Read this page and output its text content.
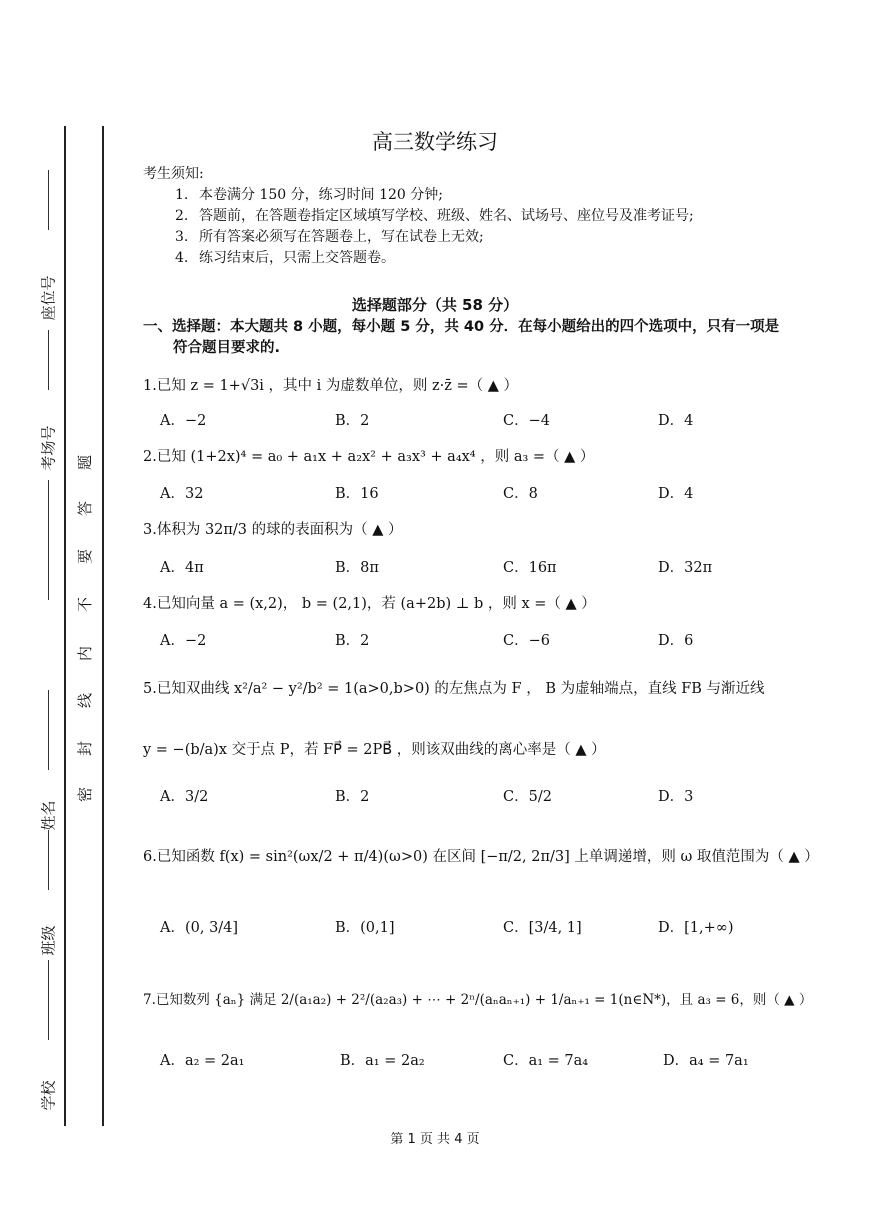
座位号
考场号
姓名
班级
学校
题
答
要
不
内
线
封
密
高三数学练习
考生须知:
1. 本卷满分 150 分，练习时间 120 分钟;
2. 答题前，在答题卷指定区域填写学校、班级、姓名、试场号、座位号及准考证号;
3. 所有答案必须写在答题卷上，写在试卷上无效;
4. 练习结束后，只需上交答题卷。
选择题部分（共 58 分）
一、选择题：本大题共 8 小题，每小题 5 分，共 40 分．在每小题给出的四个选项中，只有一项是
符合题目要求的.
1.已知 z = 1+√3i ，其中 i 为虚数单位，则 z·z̄ =（ ▲ ）
A．−2	B．2	C．−4	D．4
2.已知 (1+2x)⁴ = a₀ + a₁x + a₂x² + a₃x³ + a₄x⁴ ，则 a₃ =（ ▲ ）
A．32	B．16	C．8	D．4
3.体积为 32π/3 的球的表面积为（ ▲ ）
A．4π	B．8π	C．16π	D．32π
4.已知向量 a = (x,2)， b = (2,1)，若 (a+2b) ⊥ b ，则 x =（ ▲ ）
A．−2	B．2	C．−6	D．6
5.已知双曲线 x²/a² − y²/b² = 1(a>0,b>0) 的左焦点为 F ， B 为虚轴端点，直线 FB 与渐近线
y = −(b/a)x 交于点 P，若 FP⃗ = 2PB⃗ ，则该双曲线的离心率是（ ▲ ）
A．3/2	B．2	C．5/2	D．3
6.已知函数 f(x) = sin²(ωx/2 + π/4)(ω>0) 在区间 [−π/2, 2π/3] 上单调递增，则 ω 取值范围为（ ▲ ）
A．(0, 3/4]	B．(0,1]	C．[3/4, 1]	D．[1,+∞)
7.已知数列 {aₙ} 满足 2/(a₁a₂) + 2²/(a₂a₃) + ⋯ + 2ⁿ/(aₙaₙ₊₁) + 1/aₙ₊₁ = 1(n∈N*)，且 a₃ = 6，则（ ▲ ）
A．a₂ = 2a₁	B．a₁ = 2a₂	C．a₁ = 7a₄	D．a₄ = 7a₁
第 1 页 共 4 页
